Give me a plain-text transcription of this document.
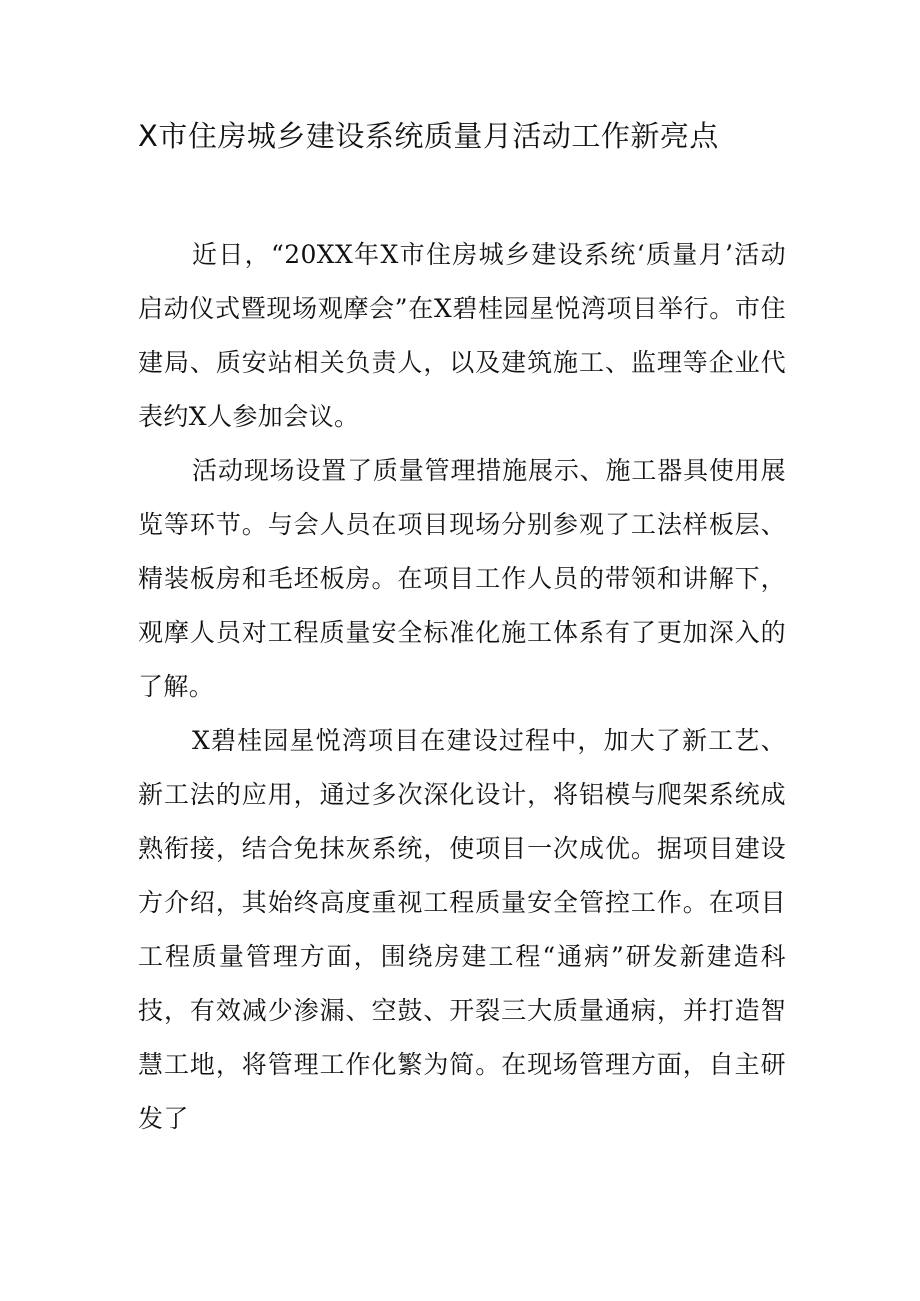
X市住房城乡建设系统质量月活动工作新亮点

近日，“20XX年X市住房城乡建设系统‘质量月’活动启动仪式暨现场观摩会”在X碧桂园星悦湾项目举行。市住建局、质安站相关负责人，以及建筑施工、监理等企业代表约X人参加会议。

活动现场设置了质量管理措施展示、施工器具使用展览等环节。与会人员在项目现场分别参观了工法样板层、精装板房和毛坯板房。在项目工作人员的带领和讲解下，观摩人员对工程质量安全标准化施工体系有了更加深入的了解。

X碧桂园星悦湾项目在建设过程中，加大了新工艺、新工法的应用，通过多次深化设计，将铝模与爬架系统成熟衔接，结合免抹灰系统，使项目一次成优。据项目建设方介绍，其始终高度重视工程质量安全管控工作。在项目工程质量管理方面，围绕房建工程“通病”研发新建造科技，有效减少渗漏、空鼓、开裂三大质量通病，并打造智慧工地，将管理工作化繁为简。在现场管理方面，自主研发了
